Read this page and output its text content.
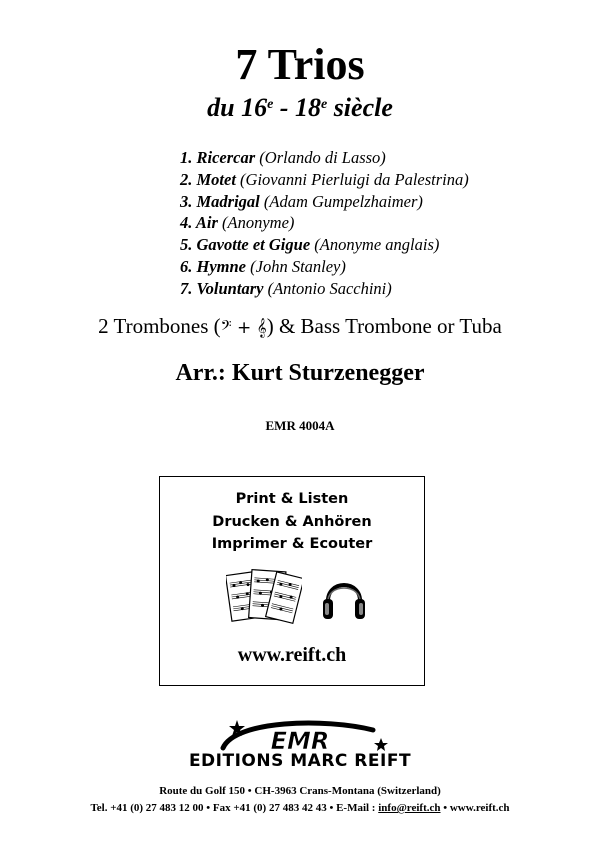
7 Trios
du 16e - 18e siècle
1. Ricercar (Orlando di Lasso)
2. Motet (Giovanni Pierluigi da Palestrina)
3. Madrigal (Adam Gumpelzhaimer)
4. Air (Anonyme)
5. Gavotte et Gigue (Anonyme anglais)
6. Hymne (John Stanley)
7. Voluntary (Antonio Sacchini)
2 Trombones (𝄢 + 𝄞) & Bass Trombone or Tuba
Arr.: Kurt Sturzenegger
EMR 4004A
Print & Listen
Drucken & Anhören
Imprimer & Ecouter
www.reift.ch
EMR
EDITIONS MARC REIFT
Route du Golf 150 • CH-3963 Crans-Montana (Switzerland)
Tel. +41 (0) 27 483 12 00 • Fax +41 (0) 27 483 42 43 • E-Mail : info@reift.ch • www.reift.ch
